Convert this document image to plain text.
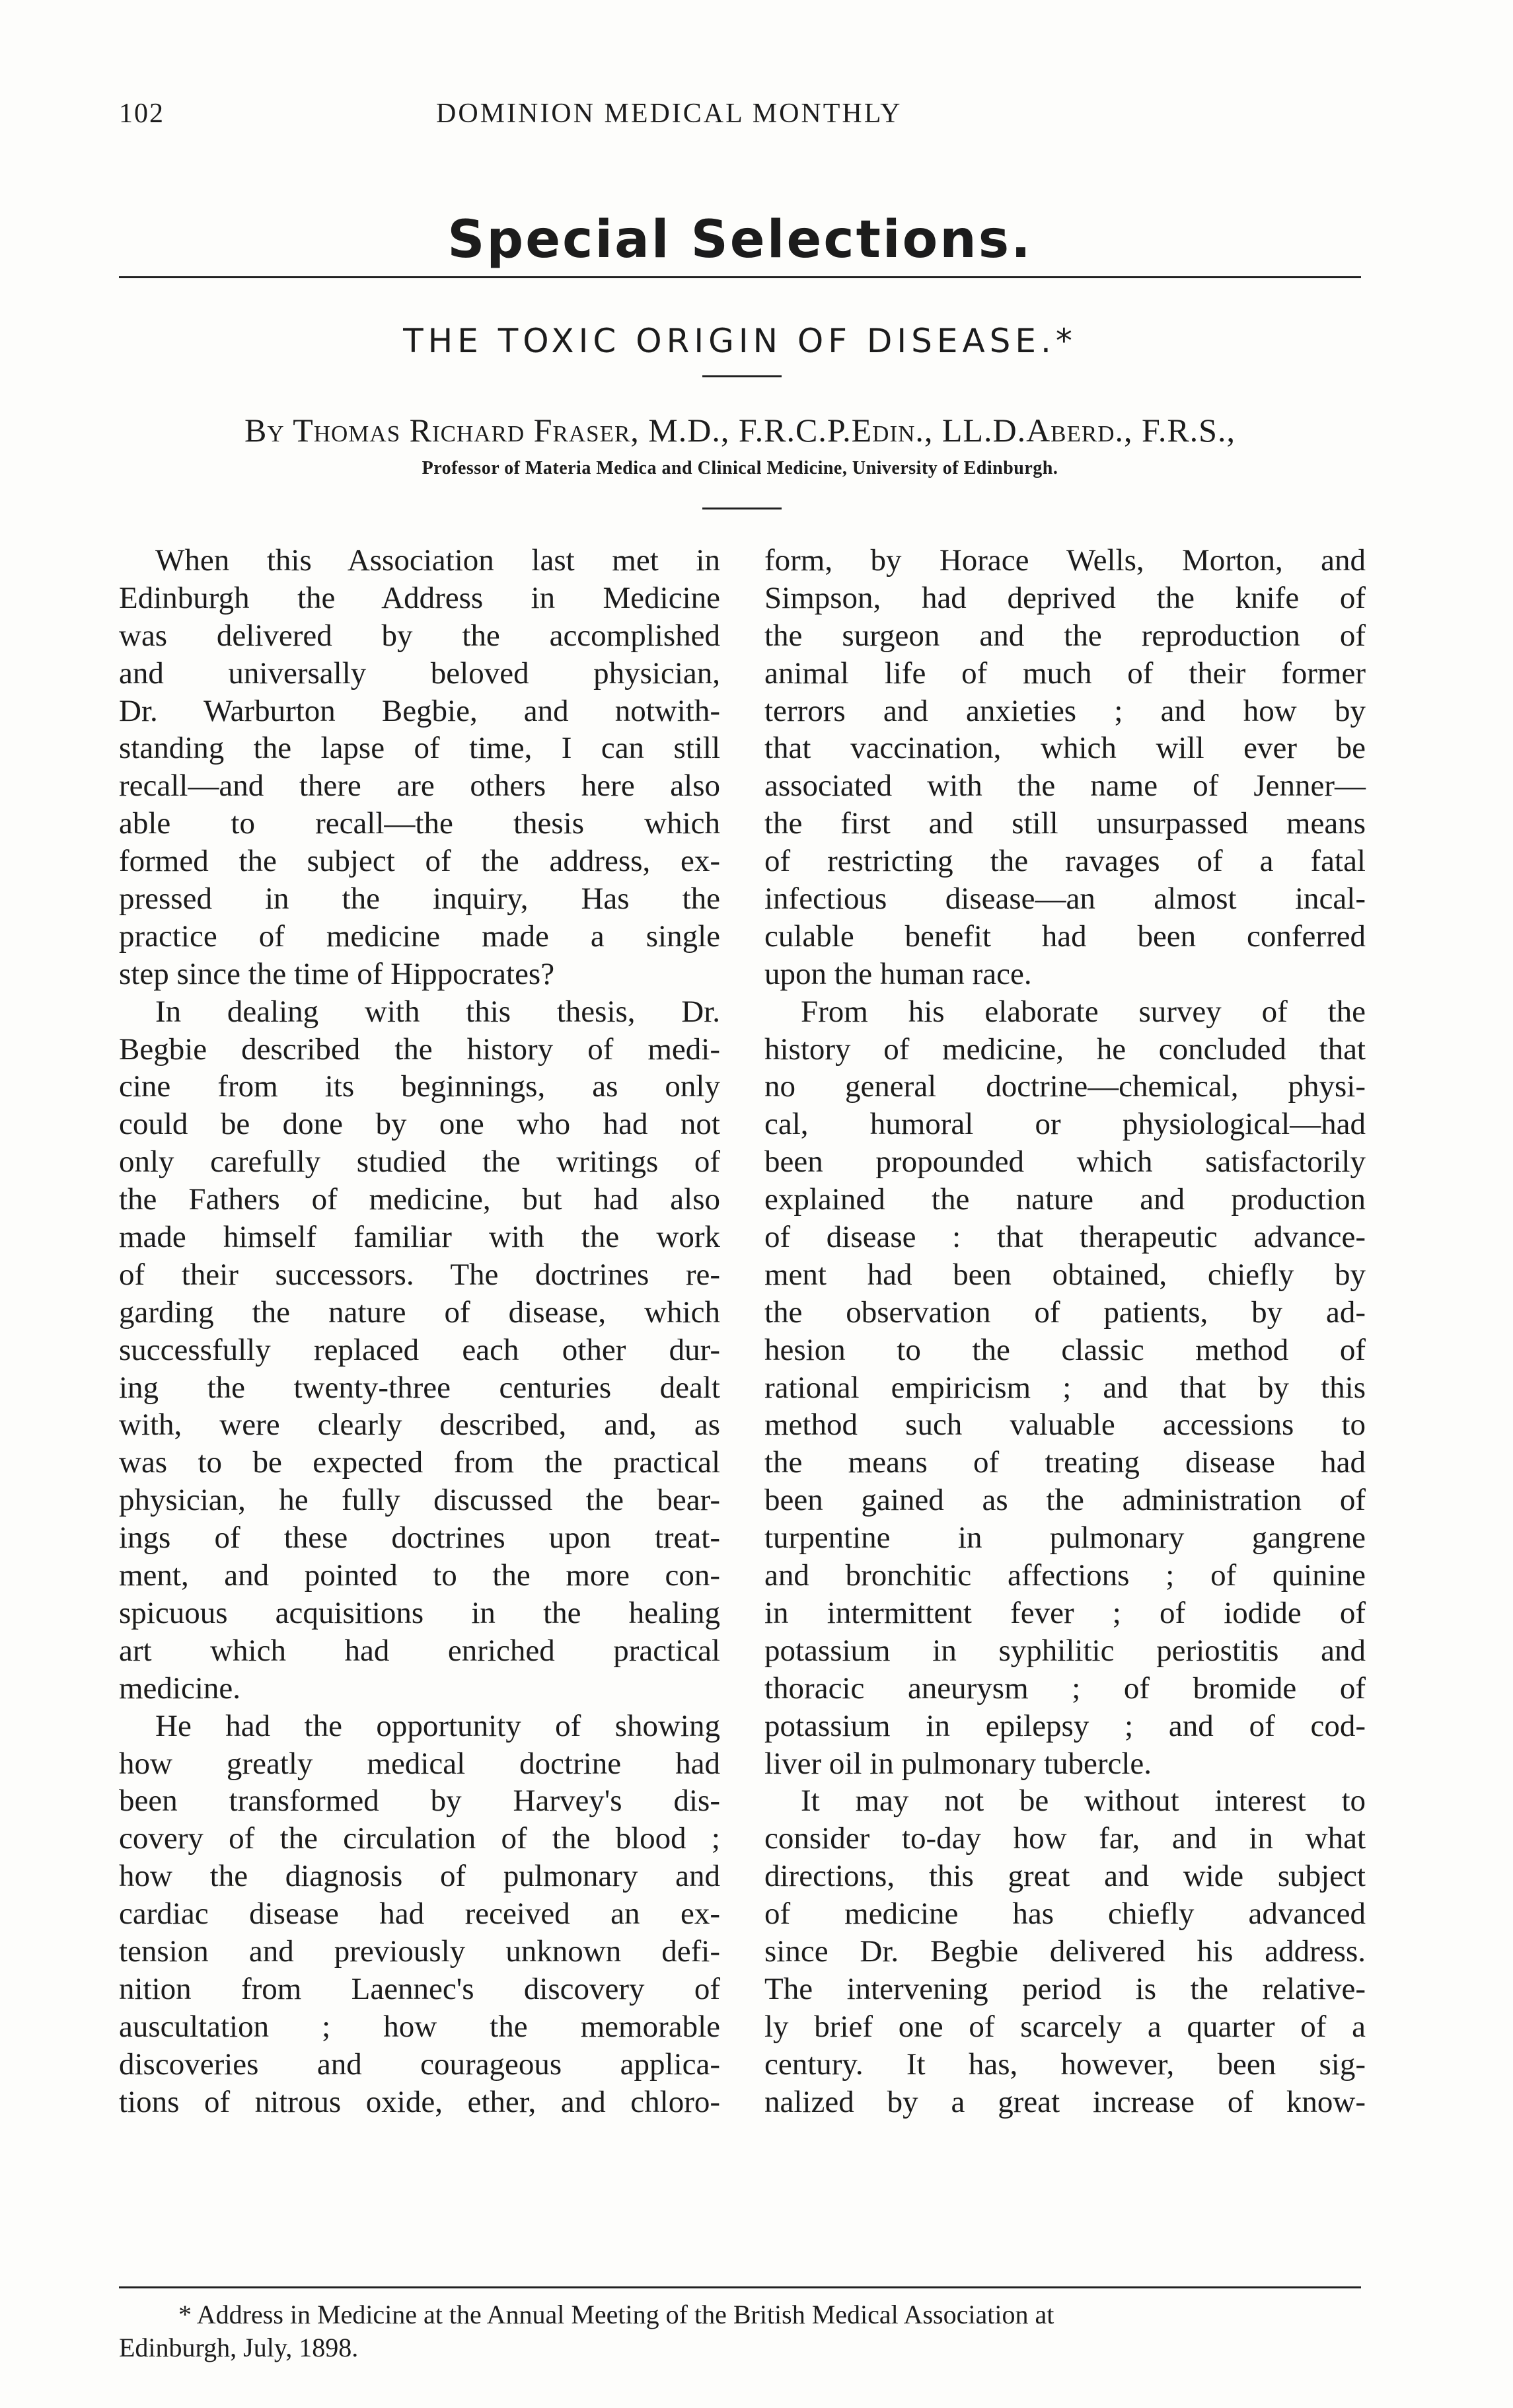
102	DOMINION MEDICAL MONTHLY
Special Selections.
THE TOXIC ORIGIN OF DISEASE.*
By Thomas Richard Fraser, M.D., F.R.C.P.Edin., LL.D.Aberd., F.R.S.,
Professor of Materia Medica and Clinical Medicine, University of Edinburgh.
When this Association last met in
Edinburgh the Address in Medicine
was delivered by the accomplished
and universally beloved physician,
Dr. Warburton Begbie, and notwith-
standing the lapse of time, I can still
recall—and there are others here also
able to recall—the thesis which
formed the subject of the address, ex-
pressed in the inquiry, Has the
practice of medicine made a single
step since the time of Hippocrates?
In dealing with this thesis, Dr.
Begbie described the history of medi-
cine from its beginnings, as only
could be done by one who had not
only carefully studied the writings of
the Fathers of medicine, but had also
made himself familiar with the work
of their successors. The doctrines re-
garding the nature of disease, which
successfully replaced each other dur-
ing the twenty-three centuries dealt
with, were clearly described, and, as
was to be expected from the practical
physician, he fully discussed the bear-
ings of these doctrines upon treat-
ment, and pointed to the more con-
spicuous acquisitions in the healing
art which had enriched practical
medicine.
He had the opportunity of showing
how greatly medical doctrine had
been transformed by Harvey's dis-
covery of the circulation of the blood ;
how the diagnosis of pulmonary and
cardiac disease had received an ex-
tension and previously unknown defi-
nition from Laennec's discovery of
auscultation ; how the memorable
discoveries and courageous applica-
tions of nitrous oxide, ether, and chloro-
form, by Horace Wells, Morton, and
Simpson, had deprived the knife of
the surgeon and the reproduction of
animal life of much of their former
terrors and anxieties ; and how by
that vaccination, which will ever be
associated with the name of Jenner—
the first and still unsurpassed means
of restricting the ravages of a fatal
infectious disease—an almost incal-
culable benefit had been conferred
upon the human race.
From his elaborate survey of the
history of medicine, he concluded that
no general doctrine—chemical, physi-
cal, humoral or physiological—had
been propounded which satisfactorily
explained the nature and production
of disease : that therapeutic advance-
ment had been obtained, chiefly by
the observation of patients, by ad-
hesion to the classic method of
rational empiricism ; and that by this
method such valuable accessions to
the means of treating disease had
been gained as the administration of
turpentine in pulmonary gangrene
and bronchitic affections ; of quinine
in intermittent fever ; of iodide of
potassium in syphilitic periostitis and
thoracic aneurysm ; of bromide of
potassium in epilepsy ; and of cod-
liver oil in pulmonary tubercle.
It may not be without interest to
consider to-day how far, and in what
directions, this great and wide subject
of medicine has chiefly advanced
since Dr. Begbie delivered his address.
The intervening period is the relative-
ly brief one of scarcely a quarter of a
century. It has, however, been sig-
nalized by a great increase of know-
* Address in Medicine at the Annual Meeting of the British Medical Association at
Edinburgh, July, 1898.
